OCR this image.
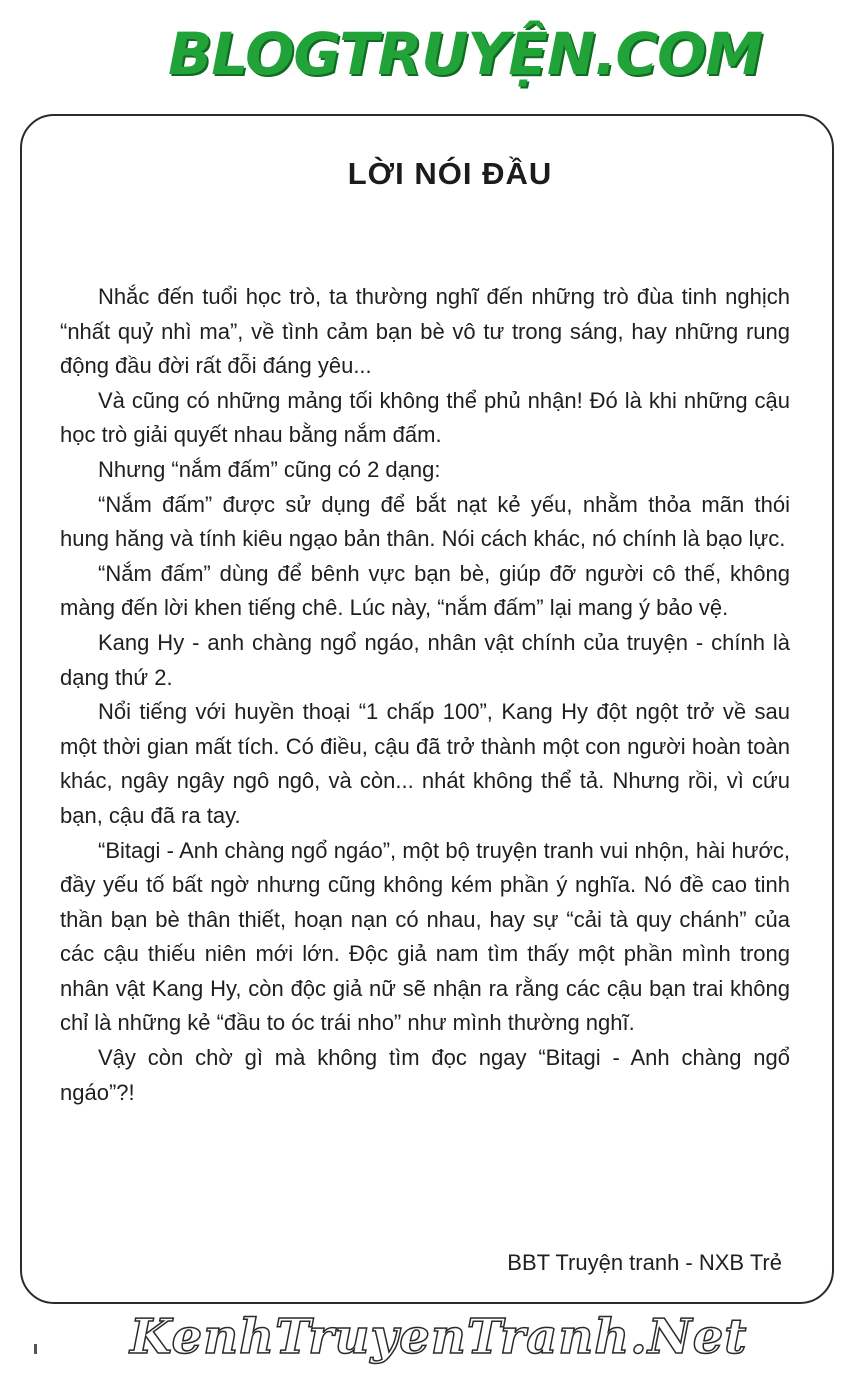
BLOGTRUYỆN.COM
LỜI NÓI ĐẦU

Nhắc đến tuổi học trò, ta thường nghĩ đến những trò đùa tinh nghịch “nhất quỷ nhì ma”, về tình cảm bạn bè vô tư trong sáng, hay những rung động đầu đời rất đỗi đáng yêu...

Và cũng có những mảng tối không thể phủ nhận! Đó là khi những cậu học trò giải quyết nhau bằng nắm đấm.

Nhưng “nắm đấm” cũng có 2 dạng:

“Nắm đấm” được sử dụng để bắt nạt kẻ yếu, nhằm thỏa mãn thói hung hăng và tính kiêu ngạo bản thân. Nói cách khác, nó chính là bạo lực.

“Nắm đấm” dùng để bênh vực bạn bè, giúp đỡ người cô thế, không màng đến lời khen tiếng chê. Lúc này, “nắm đấm” lại mang ý bảo vệ.

Kang Hy - anh chàng ngổ ngáo, nhân vật chính của truyện - chính là dạng thứ 2.

Nổi tiếng với huyền thoại “1 chấp 100”, Kang Hy đột ngột trở về sau một thời gian mất tích. Có điều, cậu đã trở thành một con người hoàn toàn khác, ngây ngây ngô ngô, và còn... nhát không thể tả. Nhưng rồi, vì cứu bạn, cậu đã ra tay.

“Bitagi - Anh chàng ngổ ngáo”, một bộ truyện tranh vui nhộn, hài hước, đầy yếu tố bất ngờ nhưng cũng không kém phần ý nghĩa. Nó đề cao tinh thần bạn bè thân thiết, hoạn nạn có nhau, hay sự “cải tà quy chánh” của các cậu thiếu niên mới lớn. Độc giả nam tìm thấy một phần mình trong nhân vật Kang Hy, còn độc giả nữ sẽ nhận ra rằng các cậu bạn trai không chỉ là những kẻ “đầu to óc trái nho” như mình thường nghĩ.

Vậy còn chờ gì mà không tìm đọc ngay “Bitagi - Anh chàng ngổ ngáo”?!

BBT Truyện tranh - NXB Trẻ
KenhTruyenTranh.Net
